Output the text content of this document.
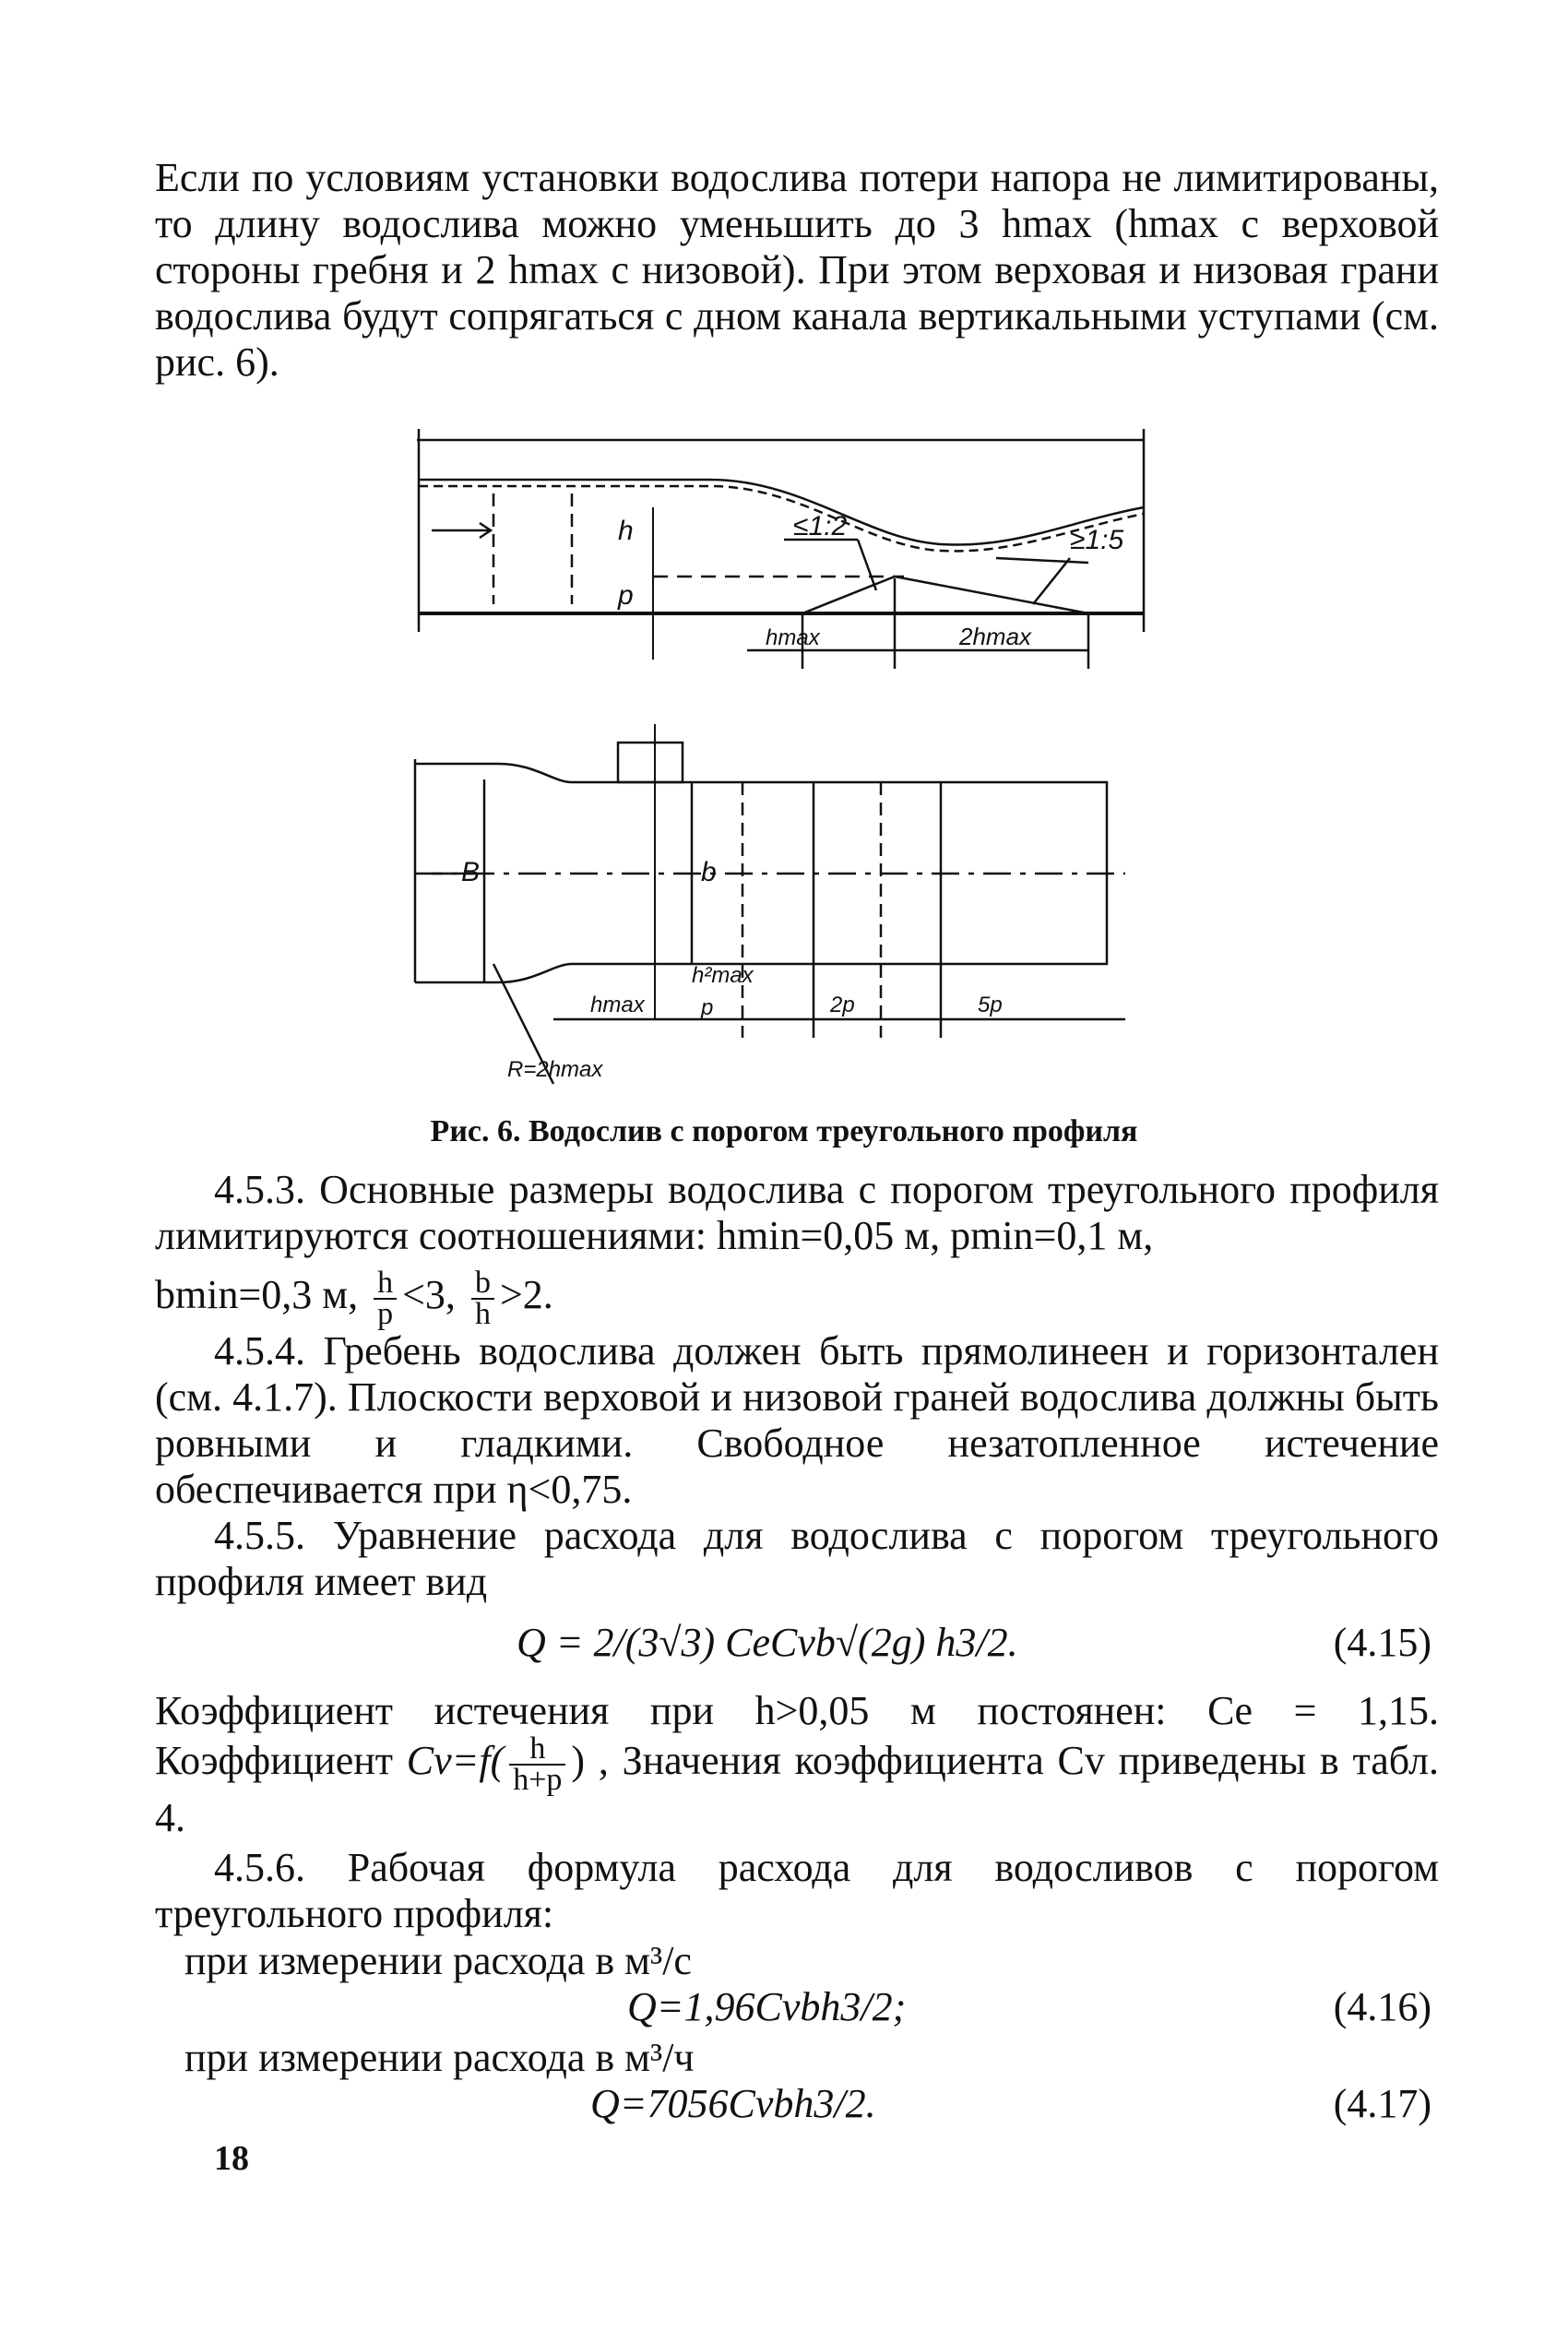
Если по условиям установки водослива потери напора не лимитированы, то длину водослива можно уменьшить до 3 hmax (hmax с верховой стороны гребня и 2 hmax с низовой). При этом верховая и низовая грани водослива будут сопрягаться с дном канала вертикальными уступами (см. рис. 6).

≤1:2	≥1:5
h
p
hmax	2hmax
B	b
h²max
p
hmax	2p	5p
R=2hmax
Рис. 6. Водослив с порогом треугольного профиля

4.5.3. Основные размеры водослива с порогом треугольного профиля лимитируются соотношениями: hmin=0,05 м, pmin=0,1 м,

bmin=0,3 м, $\frac{h}{p} <3$, $\frac{b}{h} >2$.

4.5.4. Гребень водослива должен быть прямолинеен и горизонтален (см. 4.1.7). Плоскости верховой и низовой граней водослива должны быть ровными и гладкими. Свободное незатопленное истечение обеспечивается при η<0,75.

4.5.5. Уравнение расхода для водослива с порогом треугольного профиля имеет вид

Q = 2/(3√3) CeCvb√(2g) h3/2.	(4.15)
Коэффициент истечения при h>0,05 м постоянен: Ce = 1,15. Коэффициент $Cv=f( \frac{h}{h+p}$ ) , Значения коэффициента Cv приведены в табл. 4.

4.5.6. Рабочая формула расхода для водосливов с порогом треугольного профиля:

при измерении расхода в м³/с
Q=1,96Cvbh3/2;	(4.16)
при измерении расхода в м³/ч
Q=7056Cvbh3/2.	(4.17)
18
